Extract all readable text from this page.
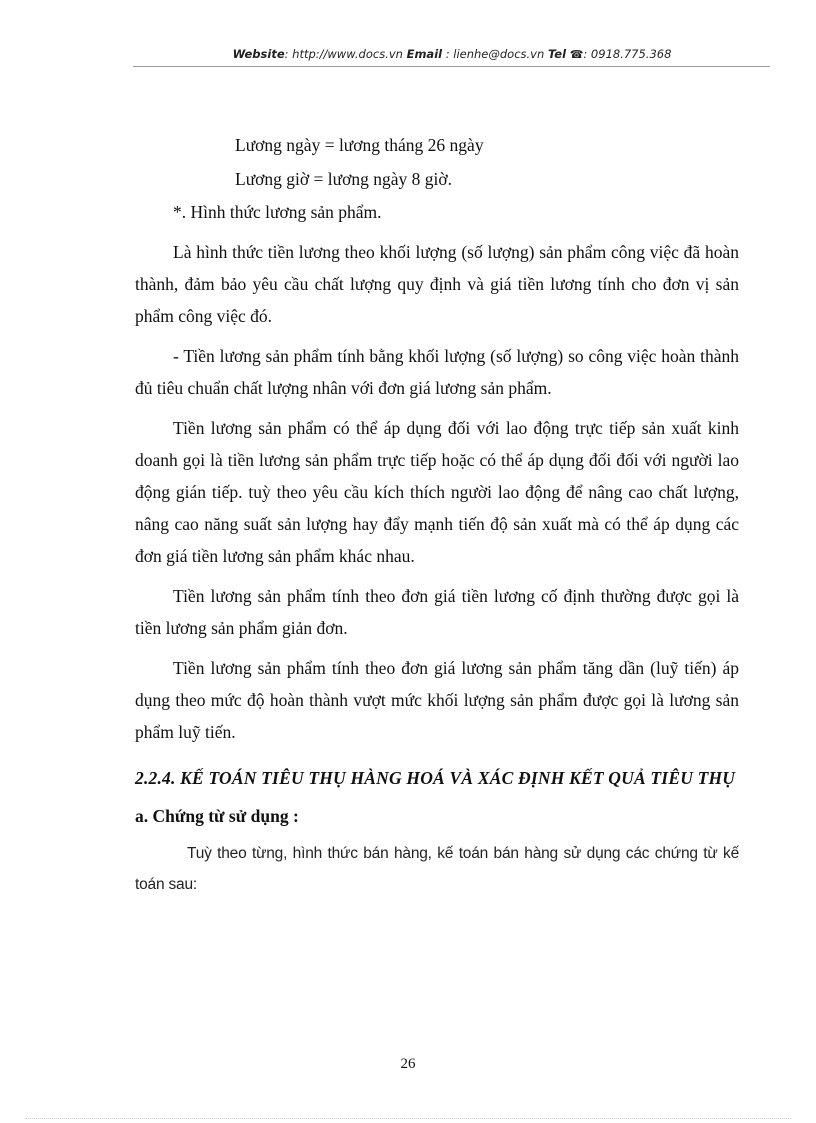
Website: http://www.docs.vn Email : lienhe@docs.vn Tel ☎: 0918.775.368

Lương ngày = lương tháng 26 ngày

Lương giờ = lương ngày 8 giờ.

*. Hình thức lương sản phẩm.

Là hình thức tiền lương theo khối lượng (số lượng) sản phẩm công việc đã hoàn thành, đảm bảo yêu cầu chất lượng quy định và giá tiền lương tính cho đơn vị sản phẩm công việc đó.

- Tiền lương sản phẩm tính bằng khối lượng (số lượng) so công việc hoàn thành đủ tiêu chuẩn chất lượng nhân với đơn giá lương sản phẩm.

Tiền lương sản phẩm có thể áp dụng đối với lao động trực tiếp sản xuất kinh doanh gọi là tiền lương sản phẩm trực tiếp hoặc có thể áp dụng đối đối với người lao động gián tiếp. tuỳ theo yêu cầu kích thích người lao động để nâng cao chất lượng, nâng cao năng suất sản lượng hay đẩy mạnh tiến độ sản xuất mà có thể áp dụng các đơn giá tiền lương sản phẩm khác nhau.

Tiền lương sản phẩm tính theo đơn giá tiền lương cố định thường được gọi là tiền lương sản phẩm giản đơn.

Tiền lương sản phẩm tính theo đơn giá lương sản phẩm tăng dần (luỹ tiến) áp dụng theo mức độ hoàn thành vượt mức khối lượng sản phẩm được gọi là lương sản phẩm luỹ tiến.

2.2.4. KẾ TOÁN TIÊU THỤ HÀNG HOÁ VÀ XÁC ĐỊNH KẾT QUẢ TIÊU THỤ

a. Chứng từ sử dụng :

Tuỳ theo từng, hình thức bán hàng, kế toán bán hàng sử dụng các chứng từ kế toán sau:

26
